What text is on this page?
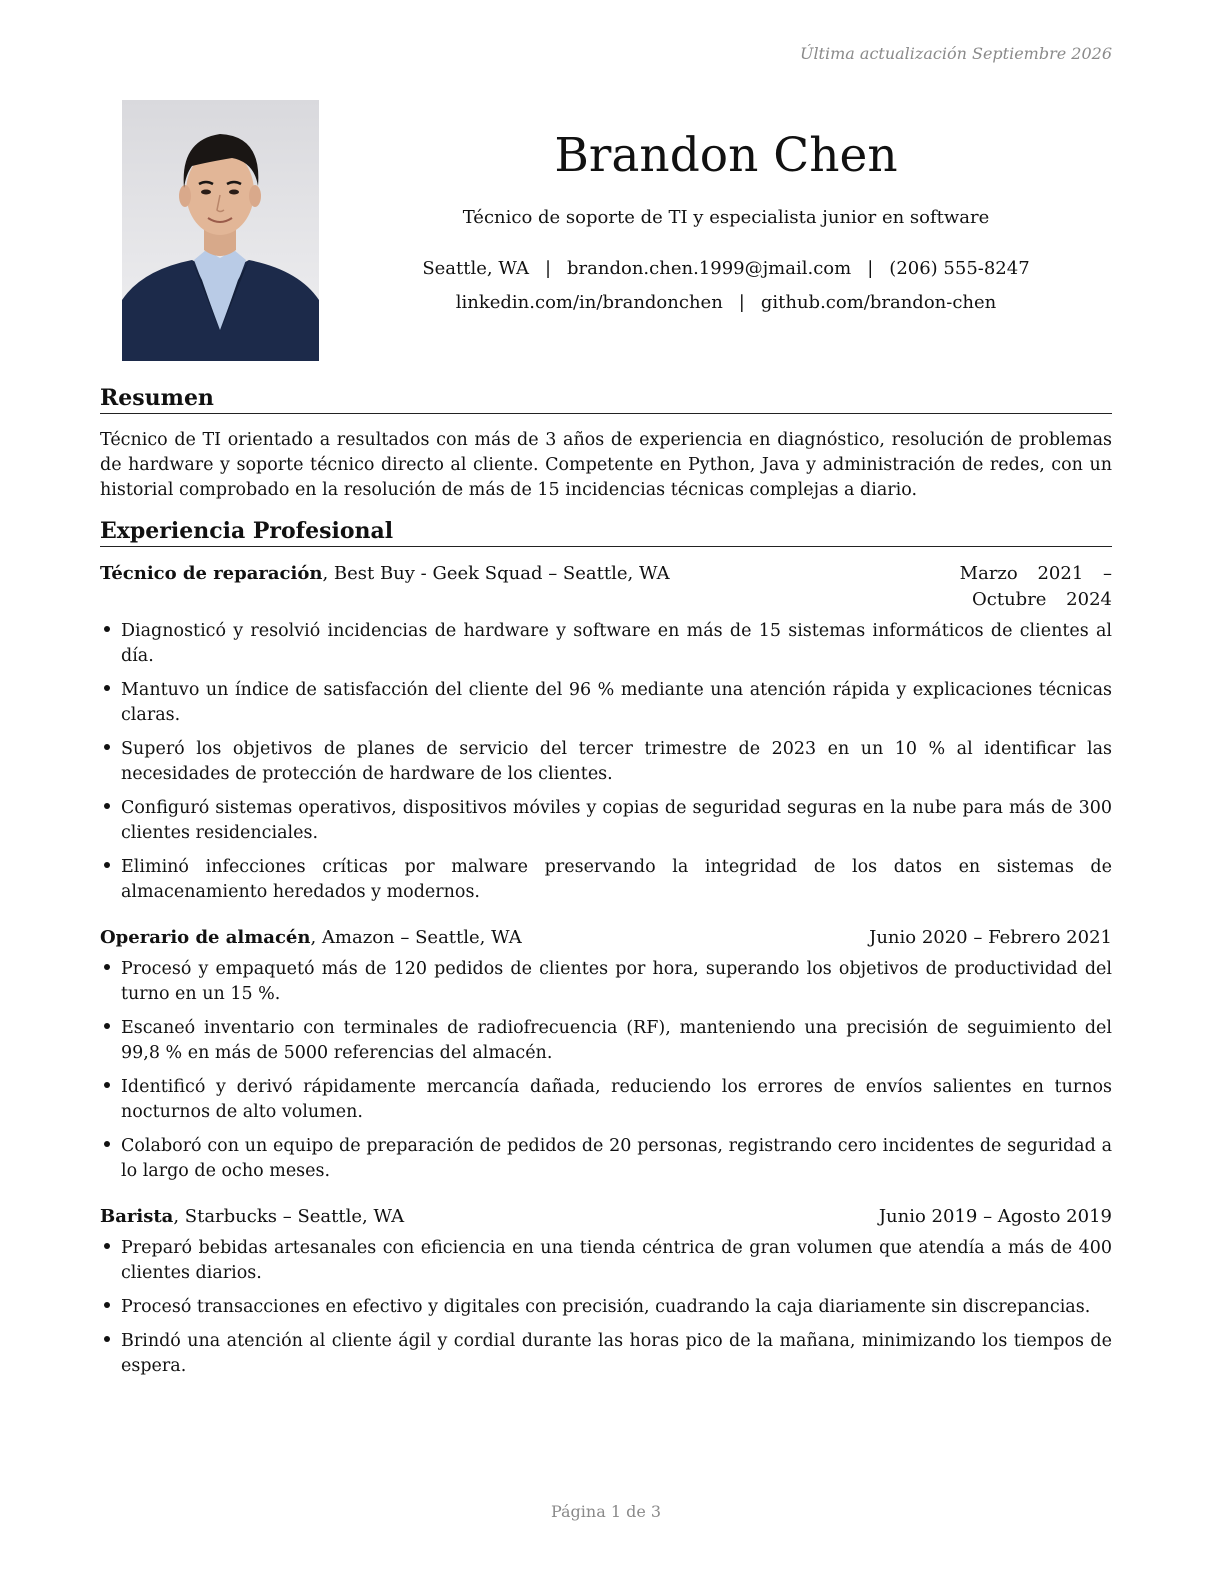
Última actualización Septiembre 2026
Brandon Chen
Técnico de soporte de TI y especialista junior en software
Seattle, WA | brandon.chen.1999@jmail.com | (206) 555-8247
linkedin.com/in/brandonchen | github.com/brandon-chen
Resumen

Técnico de TI orientado a resultados con más de 3 años de experiencia en diagnóstico, resolución de problemas de hardware y soporte técnico directo al cliente. Competente en Python, Java y administración de redes, con un historial comprobado en la resolución de más de 15 incidencias técnicas complejas a diario.

Experiencia Profesional
Técnico de reparación, Best Buy - Geek Squad – Seattle, WA	Marzo 2021 – Octubre 2024
Diagnosticó y resolvió incidencias de hardware y software en más de 15 sistemas informáticos de clientes al día.
Mantuvo un índice de satisfacción del cliente del 96 % mediante una atención rápida y explicaciones técnicas claras.
Superó los objetivos de planes de servicio del tercer trimestre de 2023 en un 10 % al identificar las necesidades de protección de hardware de los clientes.
Configuró sistemas operativos, dispositivos móviles y copias de seguridad seguras en la nube para más de 300 clientes residenciales.
Eliminó infecciones críticas por malware preservando la integridad de los datos en sistemas de almacenamiento heredados y modernos.
Operario de almacén, Amazon – Seattle, WA	Junio 2020 – Febrero 2021
Procesó y empaquetó más de 120 pedidos de clientes por hora, superando los objetivos de productividad del turno en un 15 %.
Escaneó inventario con terminales de radiofrecuencia (RF), manteniendo una precisión de seguimiento del 99,8 % en más de 5000 referencias del almacén.
Identificó y derivó rápidamente mercancía dañada, reduciendo los errores de envíos salientes en turnos nocturnos de alto volumen.
Colaboró con un equipo de preparación de pedidos de 20 personas, registrando cero incidentes de seguridad a lo largo de ocho meses.
Barista, Starbucks – Seattle, WA	Junio 2019 – Agosto 2019
Preparó bebidas artesanales con eficiencia en una tienda céntrica de gran volumen que atendía a más de 400 clientes diarios.
Procesó transacciones en efectivo y digitales con precisión, cuadrando la caja diariamente sin discrepancias.
Brindó una atención al cliente ágil y cordial durante las horas pico de la mañana, minimizando los tiempos de espera.
Página 1 de 3
